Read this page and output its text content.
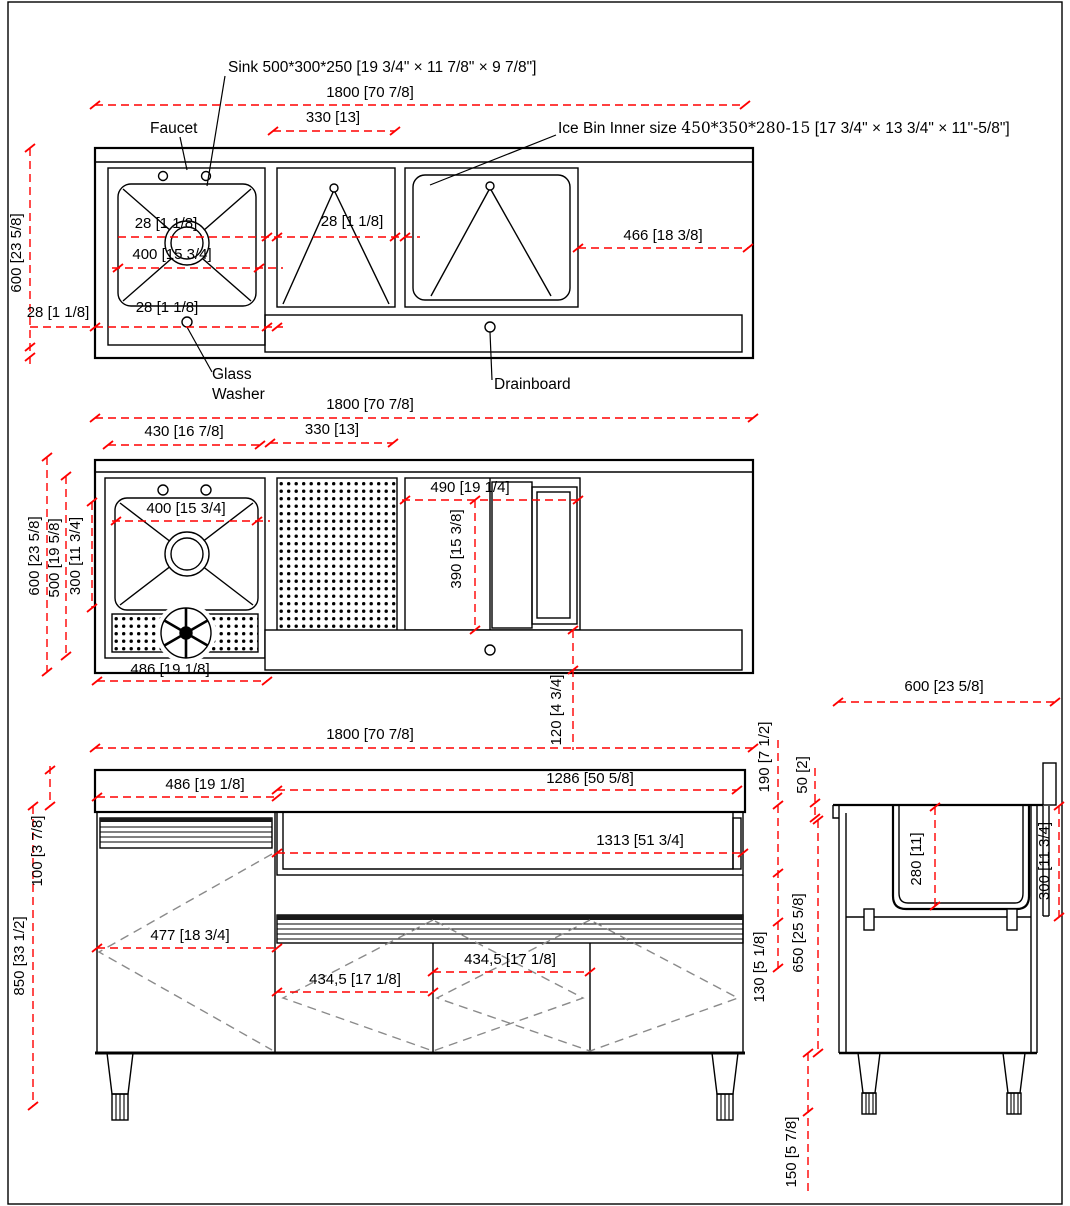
Sink 500*300*250 [19 3/4" × 11 7/8" × 9 7/8"]
Faucet	Ice Bin Inner size 450*350*280-15 [17 3/4" × 13 3/4" × 11"-5/8"]
Glass
Washer
Drainboard
1800 [70 7/8]
330 [13]
600 [23 5/8]
28 [1 1/8]
28 [1 1/8]
400 [15 3/4]
28 [1 1/8]
466 [18 3/8]
28 [1 1/8]
1800 [70 7/8]
430 [16 7/8]	330 [13]
600 [23 5/8] 500 [19 5/8] 300 [11 3/4]
400 [15 3/4]
490 [19 1/4]
390 [15 3/8]
486 [19 1/8]
120 [4 3/4]
1800 [70 7/8]
486 [19 1/8]	1286 [50 5/8]
1313 [51 3/4]
477 [18 3/4]
434,5 [17 1/8]
434,5 [17 1/8]
100 [3 7/8]
850 [33 1/2]
190 [7 1/2] 50 [2]
130 [5 1/8] 650 [25 5/8]
150 [5 7/8]
600 [23 5/8]
280 [11]	300 [11 3/4]
